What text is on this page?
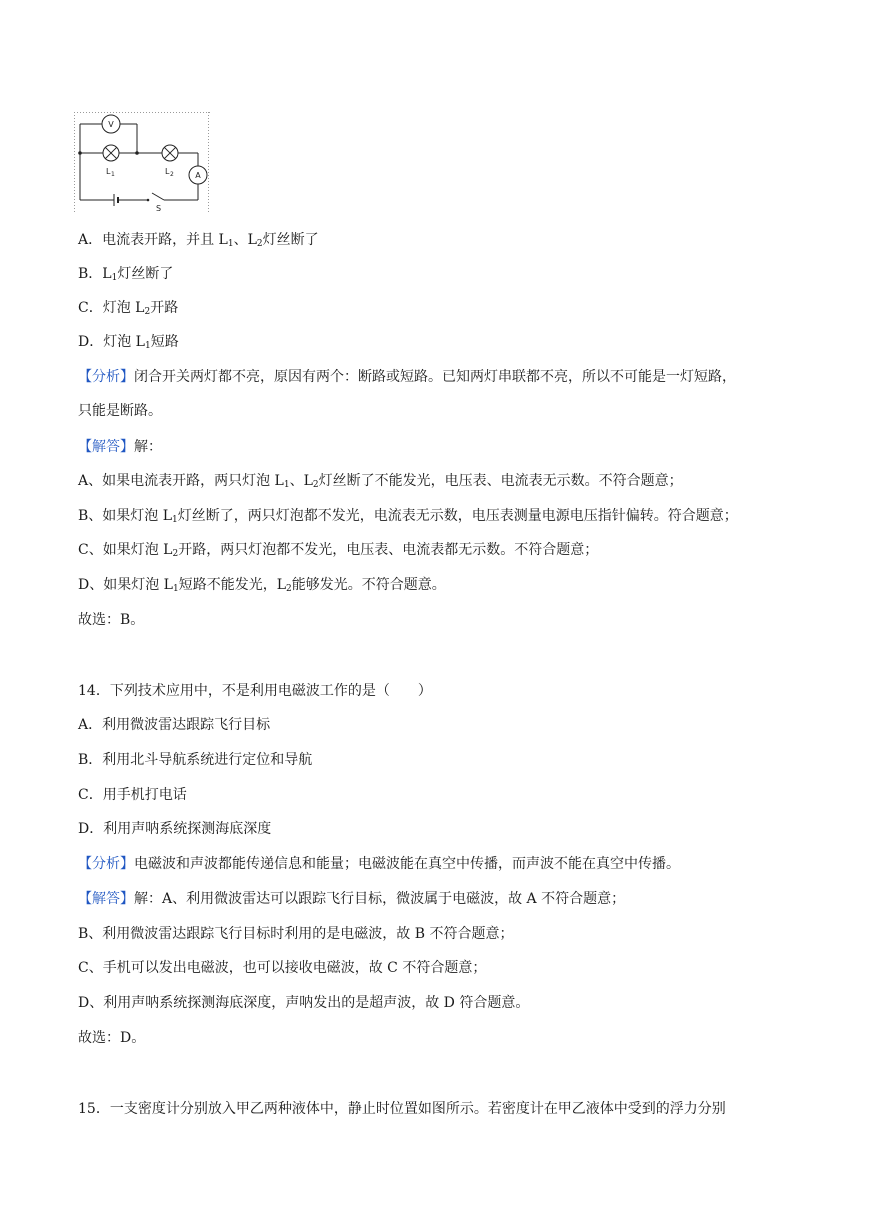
V
A
L 1	L 2
S
A．电流表开路，并且 $L_1$、$L_2$灯丝断了
B．$L_1$灯丝断了
C．灯泡 $L_2$开路
D．灯泡 $L_1$短路
【分析】闭合开关两灯都不亮，原因有两个：断路或短路。已知两灯串联都不亮，所以不可能是一灯短路，
只能是断路。
【解答】解：
A、如果电流表开路，两只灯泡 $L_1$、$L_2$灯丝断了不能发光，电压表、电流表无示数。不符合题意；
B、如果灯泡 $L_1$灯丝断了，两只灯泡都不发光，电流表无示数，电压表测量电源电压指针偏转。符合题意；
C、如果灯泡 $L_2$开路，两只灯泡都不发光，电压表、电流表都无示数。不符合题意；
D、如果灯泡 $L_1$短路不能发光，$L_2$能够发光。不符合题意。
故选：B。
14．下列技术应用中，不是利用电磁波工作的是（　　）
A．利用微波雷达跟踪飞行目标
B．利用北斗导航系统进行定位和导航
C．用手机打电话
D．利用声呐系统探测海底深度
【分析】电磁波和声波都能传递信息和能量；电磁波能在真空中传播，而声波不能在真空中传播。
【解答】解：A、利用微波雷达可以跟踪飞行目标，微波属于电磁波，故 A 不符合题意；
B、利用微波雷达跟踪飞行目标时利用的是电磁波，故 B 不符合题意；
C、手机可以发出电磁波，也可以接收电磁波，故 C 不符合题意；
D、利用声呐系统探测海底深度，声呐发出的是超声波，故 D 符合题意。
故选：D。
15．一支密度计分别放入甲乙两种液体中，静止时位置如图所示。若密度计在甲乙液体中受到的浮力分别
